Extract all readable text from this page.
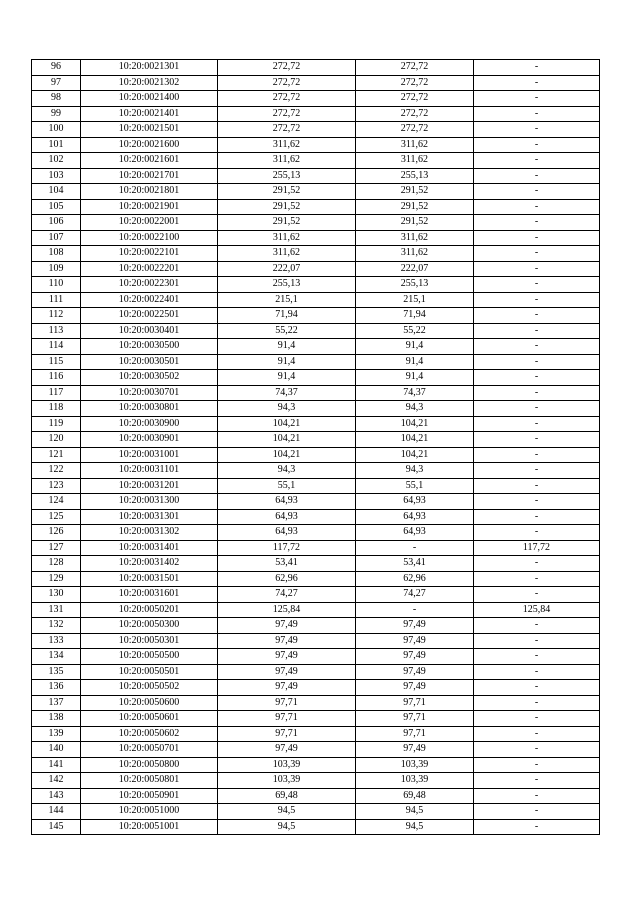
96	10:20:0021301	272,72	272,72	-
97	10:20:0021302	272,72	272,72	-
98	10:20:0021400	272,72	272,72	-
99	10:20:0021401	272,72	272,72	-
100	10:20:0021501	272,72	272,72	-
101	10:20:0021600	311,62	311,62	-
102	10:20:0021601	311,62	311,62	-
103	10:20:0021701	255,13	255,13	-
104	10:20:0021801	291,52	291,52	-
105	10:20:0021901	291,52	291,52	-
106	10:20:0022001	291,52	291,52	-
107	10:20:0022100	311,62	311,62	-
108	10:20:0022101	311,62	311,62	-
109	10:20:0022201	222,07	222,07	-
110	10:20:0022301	255,13	255,13	-
111	10:20:0022401	215,1	215,1	-
112	10:20:0022501	71,94	71,94	-
113	10:20:0030401	55,22	55,22	-
114	10:20:0030500	91,4	91,4	-
115	10:20:0030501	91,4	91,4	-
116	10:20:0030502	91,4	91,4	-
117	10:20:0030701	74,37	74,37	-
118	10:20:0030801	94,3	94,3	-
119	10:20:0030900	104,21	104,21	-
120	10:20:0030901	104,21	104,21	-
121	10:20:0031001	104,21	104,21	-
122	10:20:0031101	94,3	94,3	-
123	10:20:0031201	55,1	55,1	-
124	10:20:0031300	64,93	64,93	-
125	10:20:0031301	64,93	64,93	-
126	10:20:0031302	64,93	64,93	-
127	10:20:0031401	117,72	-	117,72
128	10:20:0031402	53,41	53,41	-
129	10:20:0031501	62,96	62,96	-
130	10:20:0031601	74,27	74,27	-
131	10:20:0050201	125,84	-	125,84
132	10:20:0050300	97,49	97,49	-
133	10:20:0050301	97,49	97,49	-
134	10:20:0050500	97,49	97,49	-
135	10:20:0050501	97,49	97,49	-
136	10:20:0050502	97,49	97,49	-
137	10:20:0050600	97,71	97,71	-
138	10:20:0050601	97,71	97,71	-
139	10:20:0050602	97,71	97,71	-
140	10:20:0050701	97,49	97,49	-
141	10:20:0050800	103,39	103,39	-
142	10:20:0050801	103,39	103,39	-
143	10:20:0050901	69,48	69,48	-
144	10:20:0051000	94,5	94,5	-
145	10:20:0051001	94,5	94,5	-
